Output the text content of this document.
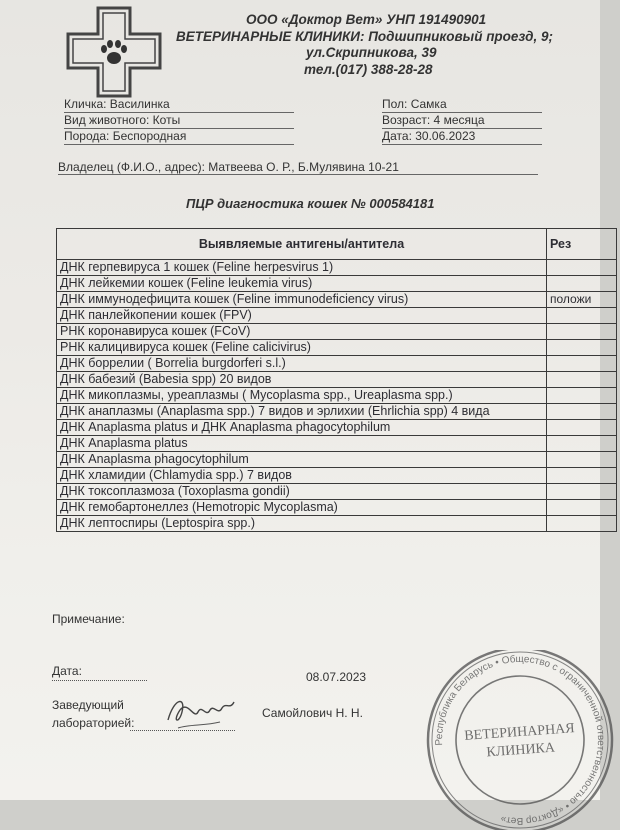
ООО «Доктор Вет» УНП 191490901
ВЕТЕРИНАРНЫЕ КЛИНИКИ: Подшипниковый проезд, 9;
ул.Скрипникова, 39
тел.(017) 388-28-28
Кличка: Василинка
Вид животного: Коты
Порода: Беспородная
Пол: Самка
Возраст: 4 месяца
Дата: 30.06.2023
Владелец (Ф.И.О., адрес): Матвеева О. Р., Б.Мулявина 10-21
ПЦР диагностика кошек № 000584181
Выявляемые антигены/антитела	Рез
ДНК герпевируса 1 кошек (Feline herpesvirus 1)	
ДНК лейкемии кошек (Feline leukemia virus)	
ДНК иммунодефицита кошек (Feline immunodeficiency virus)	положи
ДНК панлейкопении кошек (FPV)	
РНК коронавируса кошек (FCoV)	
РНК калицивируса кошек (Feline calicivirus)	
ДНК боррелии ( Borrelia burgdorferi s.l.)	
ДНК бабезий (Babesia spp) 20 видов	
ДНК микоплазмы, уреаплазмы ( Mycoplasma spp., Ureaplasma spp.)	
ДНК анаплазмы (Anaplasma spp.) 7 видов и эрлихии (Ehrlichia spp) 4 вида	
ДНК Anaplasma platus и ДНК Anaplasma phagocytophilum	
ДНК Anaplasma platus	
ДНК Anaplasma phagocytophilum	
ДНК хламидии (Chlamydia spp.) 7 видов	
ДНК токсоплазмоза (Toxoplasma gondii)	
ДНК гемобартонеллез (Hemotropic Mycoplasma)	
ДНК лептоспиры (Leptospira spp.)	
Примечание:
Дата:	08.07.2023
Заведующий
лабораторией:
Самойлович Н. Н.
Республика Беларусь • Общество с ограниченной ответственностью • «Доктор Вет»
ВЕТЕРИНАРНАЯ
КЛИНИКА
